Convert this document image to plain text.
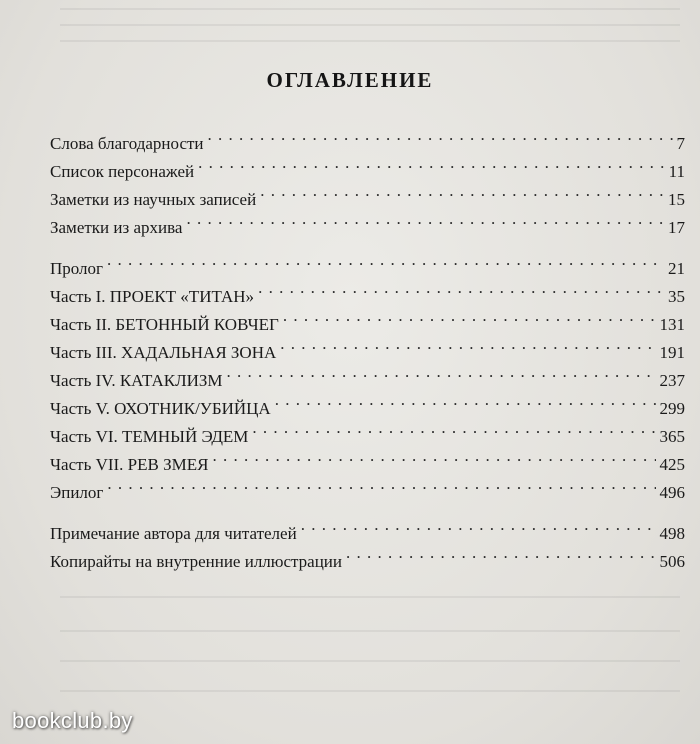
ОГЛАВЛЕНИЕ
Слова благодарности . . .	7
Список персонажей . . .	11
Заметки из научных записей . . .	15
Заметки из архива . . .	17
Пролог . . .	21
Часть I. ПРОЕКТ «ТИТАН» . . .	35
Часть II. БЕТОННЫЙ КОВЧЕГ . . .	131
Часть III. ХАДАЛЬНАЯ ЗОНА . . .	191
Часть IV. КАТАКЛИЗМ . . .	237
Часть V. ОХОТНИК/УБИЙЦА . . .	299
Часть VI. ТЕМНЫЙ ЭДЕМ . . .	365
Часть VII. РЕВ ЗМЕЯ . . .	425
Эпилог . . .	496
Примечание автора для читателей . . .	498
Копирайты на внутренние иллюстрации . . .	506
bookclub.by
